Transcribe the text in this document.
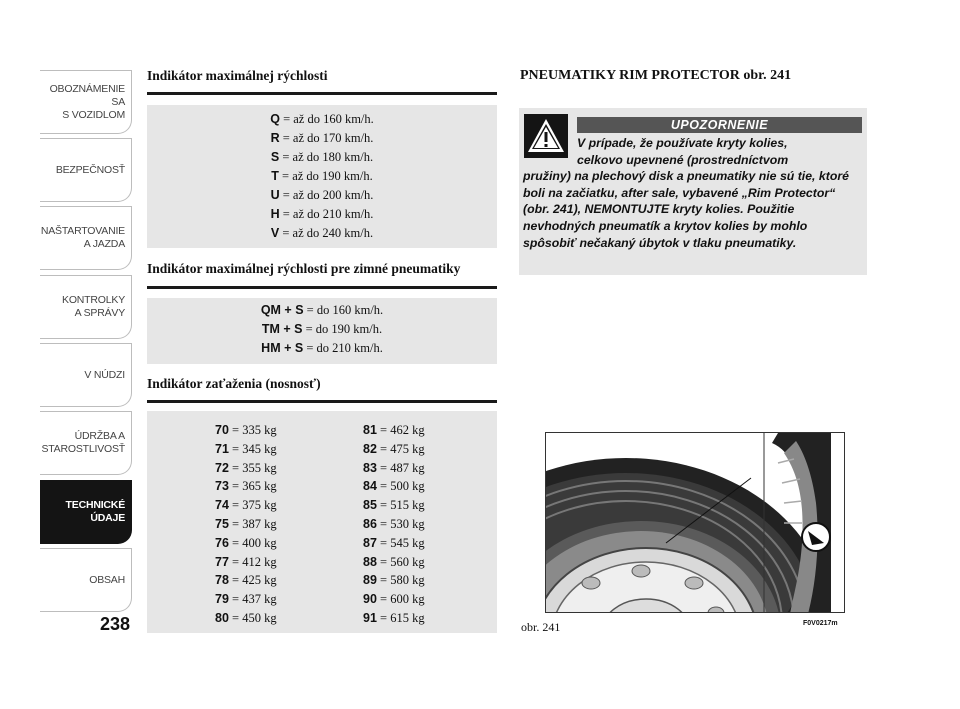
OBOZNÁMENIE SA
S VOZIDLOM
BEZPEČNOSŤ
NAŠTARTOVANIE
A JAZDA
KONTROLKY
A SPRÁVY
V NÚDZI
ÚDRŽBA A
STAROSTLIVOSŤ
TECHNICKÉ
ÚDAJE
OBSAH
238
Indikátor maximálnej rýchlosti
Q = až do 160 km/h.
R = až do 170 km/h.
S = až do 180 km/h.
T = až do 190 km/h.
U = až do 200 km/h.
H = až do 210 km/h.
V = až do 240 km/h.
Indikátor maximálnej rýchlosti pre zimné pneumatiky
QM + S = do 160 km/h.
TM + S = do 190 km/h.
HM + S = do 210 km/h.
Indikátor zaťaženia (nosnosť)
70 = 335 kg
71 = 345 kg
72 = 355 kg
73 = 365 kg
74 = 375 kg
75 = 387 kg
76 = 400 kg
77 = 412 kg
78 = 425 kg
79 = 437 kg
80 = 450 kg
81 = 462 kg
82 = 475 kg
83 = 487 kg
84 = 500 kg
85 = 515 kg
86 = 530 kg
87 = 545 kg
88 = 560 kg
89 = 580 kg
90 = 600 kg
91 = 615 kg
PNEUMATIKY RIM PROTECTOR obr. 241
UPOZORNENIE
V prípade, že používate kryty kolies,
celkovo upevnené (prostredníctvom
pružiny) na plechový disk a pneumatiky nie sú tie, ktoré boli na začiatku, after sale, vybavené „Rim Protector“ (obr. 241), NEMONTUJTE kryty kolies. Použitie nevhodných pneumatík a krytov kolies by mohlo spôsobiť nečakaný úbytok v tlaku pneumatiky.
obr. 241	F0V0217m
